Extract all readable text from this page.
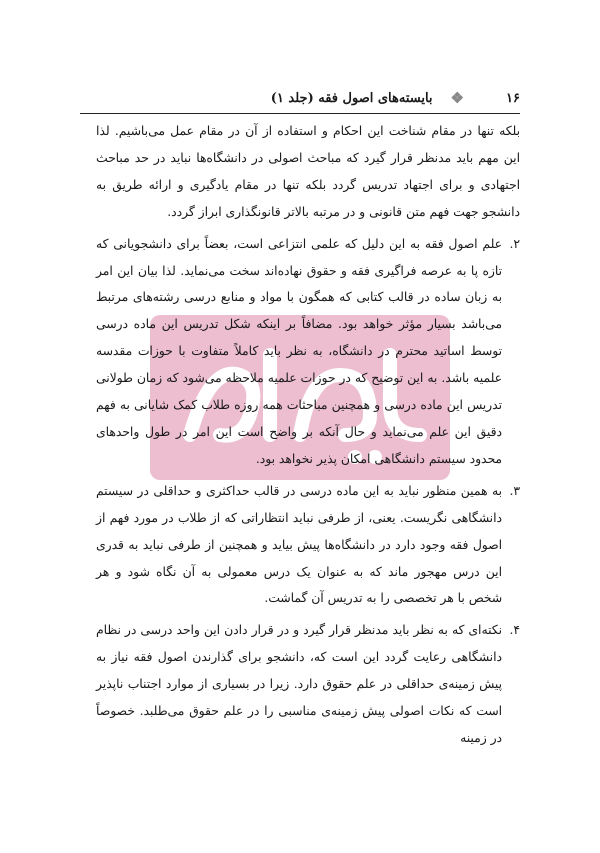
۱۶
❖
بایسته‌های اصول فقه (جلد ۱)

بلکه تنها در مقام شناخت این احکام و استفاده از آن در مقام عمل می‌باشیم. لذا این مهم باید مدنظر قرار گیرد که مباحث اصولی در دانشگاه‌ها نباید در حد مباحث اجتهادی و برای اجتهاد تدریس گردد بلکه تنها در مقام یادگیری و ارائه طریق به دانشجو جهت فهم متن قانونی و در مرتبه بالاتر قانونگذاری ابراز گردد.

۲.
علم اصول فقه به این دلیل که علمی انتزاعی است، بعضاً برای دانشجویانی که تازه پا به عرصه فراگیری فقه و حقوق نهاده‌اند سخت می‌نماید. لذا بیان این امر به زبان ساده در قالب کتابی که همگون با مواد و منابع درسی رشته‌های مرتبط می‌باشد بسیار مؤثر خواهد بود. مضافاً بر اینکه شکل تدریس این ماده درسی توسط اساتید محترم در دانشگاه، به نظر باید کاملاً متفاوت با حوزات مقدسه علمیه باشد. به این توضیح که در حوزات علمیه ملاحظه می‌شود که زمان طولانی تدریس این ماده درسی و همچنین مباحثات همه روزه طلاب کمک شایانی به فهم دقیق این علم می‌نماید و حال آنکه بر واضح است این امر در طول واحدهای محدود سیستم دانشگاهی امکان پذیر نخواهد بود.

۳.
به همین منظور نباید به این ماده درسی در قالب حداکثری و حداقلی در سیستم دانشگاهی نگریست. یعنی، از طرفی نباید انتظاراتی که از طلاب در مورد فهم از اصول فقه وجود دارد در دانشگاه‌ها پیش بیاید و همچنین از طرفی نباید به قدری این درس مهجور ماند که به عنوان یک درس معمولی به آن نگاه شود و هر شخص با هر تخصصی را به تدریس آن گماشت.

۴.
نکته‌ای که به نظر باید مدنظر قرار گیرد و در قرار دادن این واحد درسی در نظام دانشگاهی رعایت گردد این است که، دانشجو برای گذارندن اصول فقه نیاز به پیش زمینه‌ی حداقلی در علم حقوق دارد. زیرا در بسیاری از موارد اجتناب ناپذیر است که نکات اصولی پیش زمینه‌ی مناسبی را در علم حقوق می‌طلبد. خصوصاً در زمینه
